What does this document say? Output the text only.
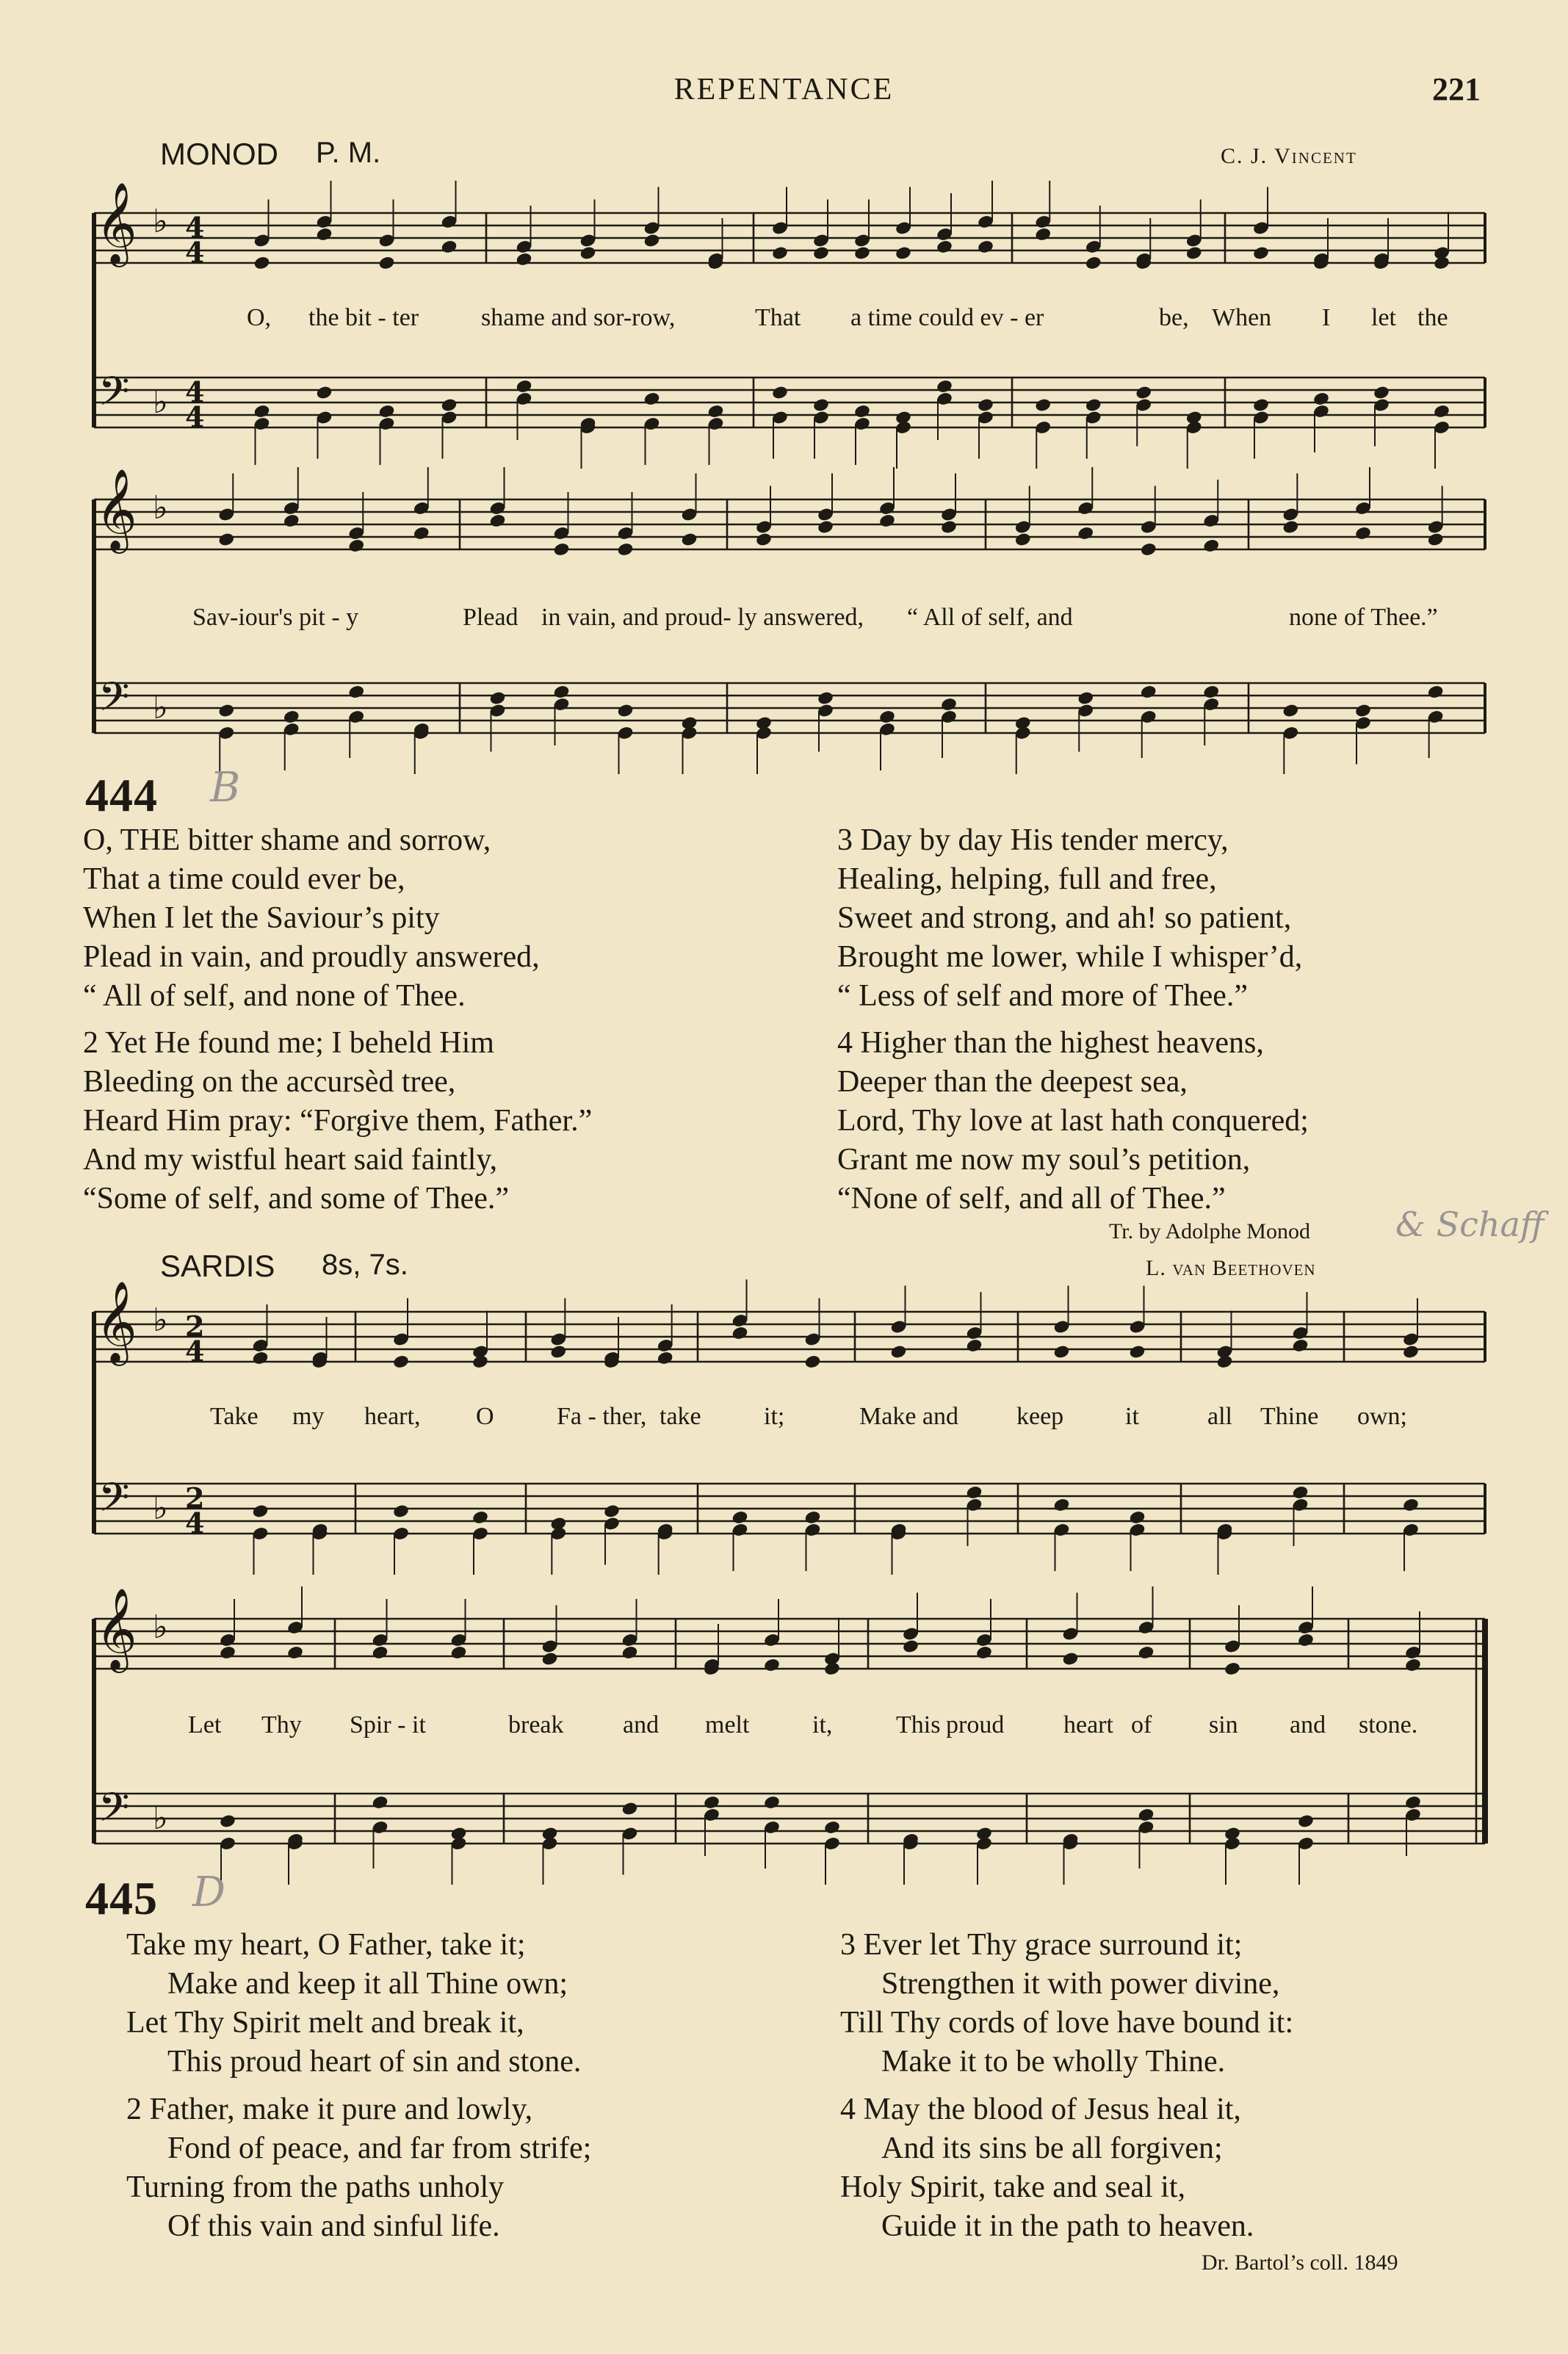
REPENTANCE	221
MONOD P. M.	C. J. Vincent
𝄞
𝄢
♭
♭
4
4
4
4
𝄞
𝄢
♭
♭
𝄞
𝄢
♭
♭
2
4
2
4
𝄞
𝄢
♭
♭
O, the bit - ter shame and sor-row,	That a time could ev - er	be, When I let the
Sav-iour's pit - y	Plead in vain, and proud- ly answered, “ All of self, and	none of Thee.”
444 B
O, THE bitter shame and sorrow,
That a time could ever be,
When I let the Saviour’s pity
Plead in vain, and proudly answered,
“ All of self, and none of Thee.
2 Yet He found me; I beheld Him
Bleeding on the accursèd tree,
Heard Him pray: “Forgive them, Father.”
And my wistful heart said faintly,
“Some of self, and some of Thee.”
3 Day by day His tender mercy,
Healing, helping, full and free,
Sweet and strong, and ah! so patient,
Brought me lower, while I whisper’d,
“ Less of self and more of Thee.”
4 Higher than the highest heavens,
Deeper than the deepest sea,
Lord, Thy love at last hath conquered;
Grant me now my soul’s petition,
“None of self, and all of Thee.”
Tr. by Adolphe Monod	& Schaff
SARDIS 8s, 7s.	L. van Beethoven
Take my heart, O	Fa - ther, take	it;	Make and keep it	all Thine own;
Let Thy Spir - it	break and melt	it,	This proud heart of sin and stone.
445 D
Take my heart, O Father, take it;
Make and keep it all Thine own;
Let Thy Spirit melt and break it,
This proud heart of sin and stone.
2 Father, make it pure and lowly,
Fond of peace, and far from strife;
Turning from the paths unholy
Of this vain and sinful life.
3 Ever let Thy grace surround it;
Strengthen it with power divine,
Till Thy cords of love have bound it:
Make it to be wholly Thine.
4 May the blood of Jesus heal it,
And its sins be all forgiven;
Holy Spirit, take and seal it,
Guide it in the path to heaven.
Dr. Bartol’s coll. 1849
